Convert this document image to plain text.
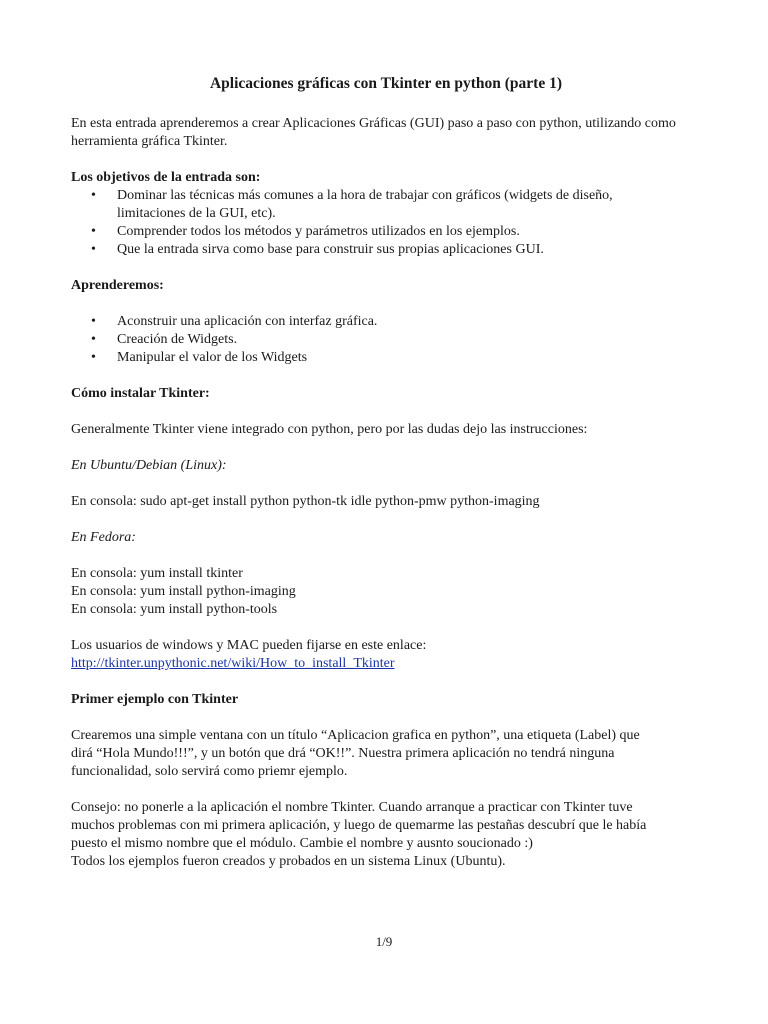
Aplicaciones gráficas con Tkinter en python (parte 1)

En esta entrada aprenderemos a crear Aplicaciones Gráficas (GUI) paso a paso con python, utilizando como herramienta gráfica Tkinter.

Los objetivos de la entrada son:

• Dominar las técnicas más comunes a la hora de trabajar con gráficos (widgets de diseño,
limitaciones de la GUI, etc).
• Comprender todos los métodos y parámetros utilizados en los ejemplos.
• Que la entrada sirva como base para construir sus propias aplicaciones GUI.

Aprenderemos:

• Aconstruir una aplicación con interfaz gráfica.
• Creación de Widgets.
• Manipular el valor de los Widgets

Cómo instalar Tkinter:

Generalmente Tkinter viene integrado con python, pero por las dudas dejo las instrucciones:

En Ubuntu/Debian (Linux):

En consola: sudo apt-get install python python-tk idle python-pmw python-imaging

En Fedora:

En consola: yum install tkinter

En consola: yum install python-imaging

En consola: yum install python-tools

Los usuarios de windows y MAC pueden fijarse en este enlace:

http://tkinter.unpythonic.net/wiki/How_to_install_Tkinter

Primer ejemplo con Tkinter

Crearemos una simple ventana con un título “Aplicacion grafica en python”, una etiqueta (Label) que

dirá “Hola Mundo!!!”, y un botón que drá “OK!!”. Nuestra primera aplicación no tendrá ninguna

funcionalidad, solo servirá como priemr ejemplo.

Consejo: no ponerle a la aplicación el nombre Tkinter. Cuando arranque a practicar con Tkinter tuve

muchos problemas con mi primera aplicación, y luego de quemarme las pestañas descubrí que le había

puesto el mismo nombre que el módulo. Cambie el nombre y ausnto soucionado :)

Todos los ejemplos fueron creados y probados en un sistema Linux (Ubuntu).

1/9
